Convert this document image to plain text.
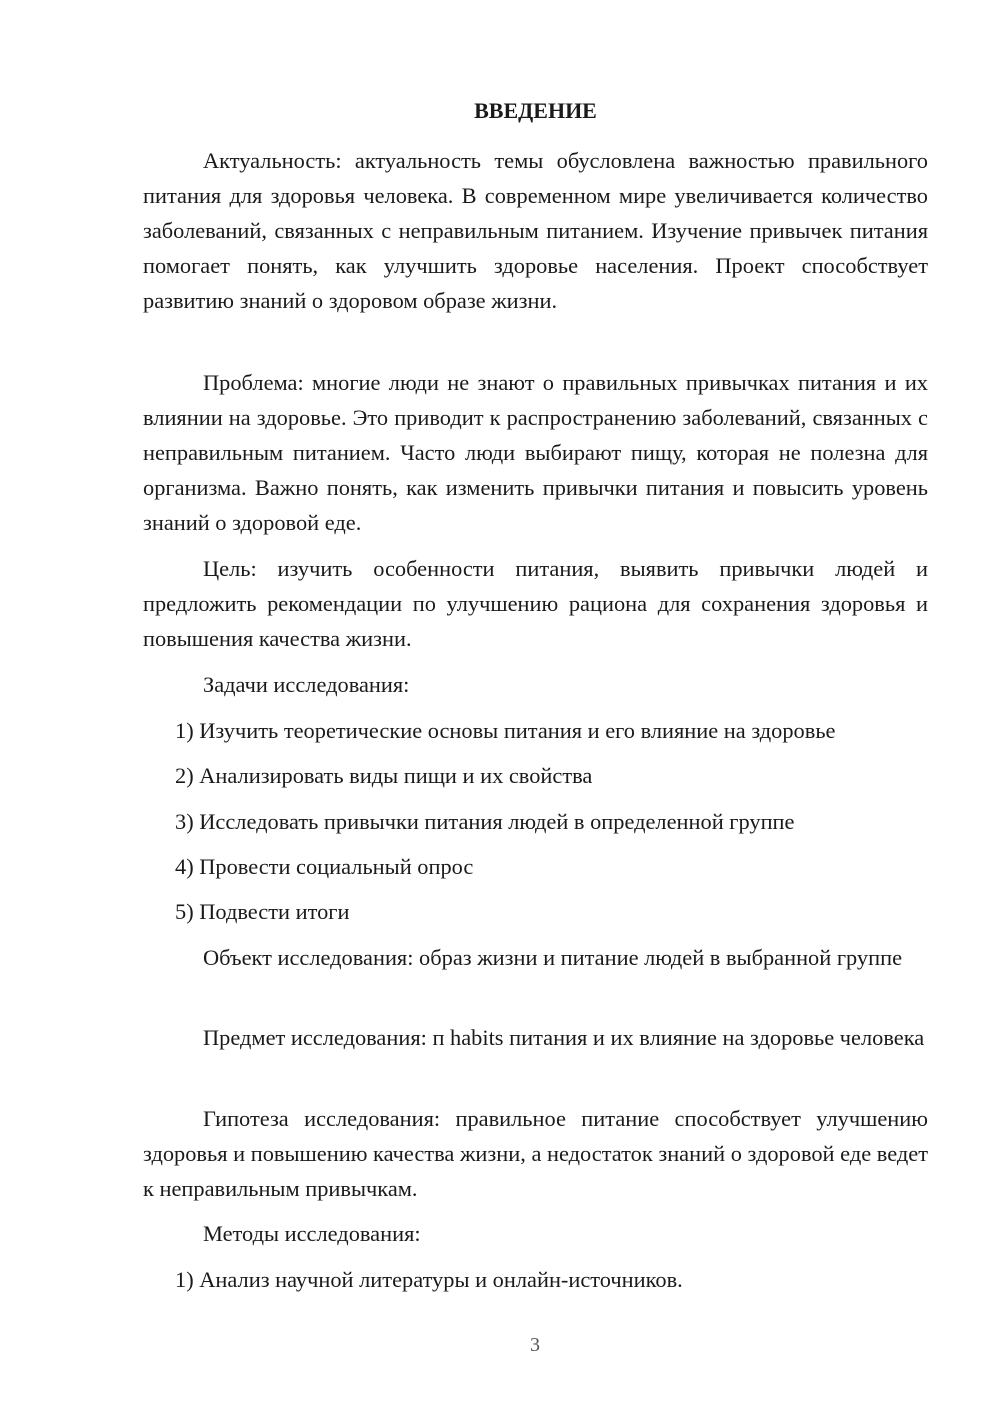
ВВЕДЕНИЕ

Актуальность: актуальность темы обусловлена важностью правильного питания для здоровья человека. В современном мире увеличивается количество заболеваний, связанных с неправильным питанием. Изучение привычек питания помогает понять, как улучшить здоровье населения. Проект способствует развитию знаний о здоровом образе жизни.

Проблема: многие люди не знают о правильных привычках питания и их влиянии на здоровье. Это приводит к распространению заболеваний, связанных с неправильным питанием. Часто люди выбирают пищу, которая не полезна для организма. Важно понять, как изменить привычки питания и повысить уровень знаний о здоровой еде.

Цель: изучить особенности питания, выявить привычки людей и предложить рекомендации по улучшению рациона для сохранения здоровья и повышения качества жизни.

Задачи исследования:

1) Изучить теоретические основы питания и его влияние на здоровье

2) Анализировать виды пищи и их свойства

3) Исследовать привычки питания людей в определенной группе

4) Провести социальный опрос

5) Подвести итоги

Объект исследования: образ жизни и питание людей в выбранной группе

Предмет исследования: п habits питания и их влияние на здоровье человека

Гипотеза исследования: правильное питание способствует улучшению здоровья и повышению качества жизни, а недостаток знаний о здоровой еде ведет к неправильным привычкам.

Методы исследования:

1) Анализ научной литературы и онлайн-источников.

3
